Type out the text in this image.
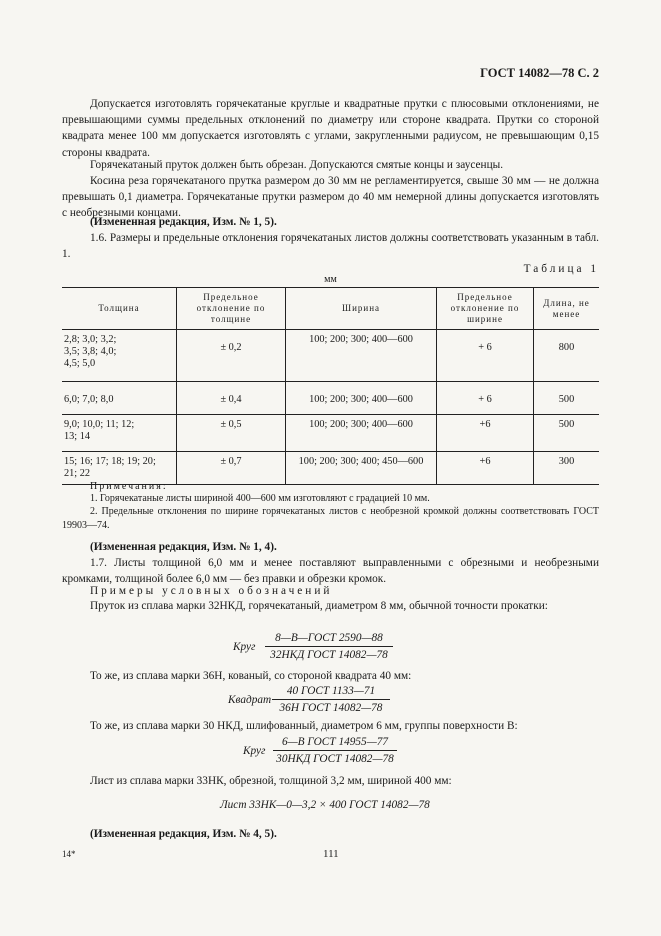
ГОСТ 14082—78 С. 2
Допускается изготовлять горячекатаные круглые и квадратные прутки с плюсовыми отклонениями, не превышающими суммы предельных отклонений по диаметру или стороне квадрата. Прутки со стороной квадрата менее 100 мм допускается изготовлять с углами, закругленными радиусом, не превышающим 0,15 стороны квадрата.
Горячекатаный пруток должен быть обрезан. Допускаются смятые концы и заусенцы.
Косина реза горячекатаного прутка размером до 30 мм не регламентируется, свыше 30 мм — не должна превышать 0,1 диаметра. Горячекатаные прутки размером до 40 мм немерной длины допускается изготовлять с необрезными концами.
(Измененная редакция, Изм. № 1, 5).
1.6. Размеры и предельные отклонения горячекатаных листов должны соответствовать указанным в табл. 1.
Таблица 1
мм
Толщина	Предельное отклонение по толщине	Ширина	Предельное отклонение по ширине	Длина, не менее
2,8; 3,0; 3,2; 3,5; 3,8; 4,0; 4,5; 5,0	± 0,2	100; 200; 300; 400—600	+ 6	800
6,0; 7,0; 8,0	± 0,4	100; 200; 300; 400—600	+ 6	500
9,0; 10,0; 11; 12; 13; 14	± 0,5	100; 200; 300; 400—600	+6	500
15; 16; 17; 18; 19; 20; 21; 22	± 0,7	100; 200; 300; 400; 450—600	+6	300
Примечания:
1. Горячекатаные листы шириной 400—600 мм изготовляют с градацией 10 мм.
2. Предельные отклонения по ширине горячекатаных листов с необрезной кромкой должны соответствовать ГОСТ 19903—74.
(Измененная редакция, Изм. № 1, 4).
1.7. Листы толщиной 6,0 мм и менее поставляют выправленными с обрезными и необрезными кромками, толщиной более 6,0 мм — без правки и обрезки кромок.
Примеры условных обозначений
Пруток из сплава марки 32НКД, горячекатаный, диаметром 8 мм, обычной точности прокатки:
Круг
8—В—ГОСТ 2590—88
32НКД ГОСТ 14082—78
То же, из сплава марки 36Н, кованый, со стороной квадрата 40 мм:
Квадрат
40 ГОСТ 1133—71
36Н ГОСТ 14082—78
То же, из сплава марки 30 НКД, шлифованный, диаметром 6 мм, группы поверхности В:
Круг
6—В ГОСТ 14955—77
30НКД ГОСТ 14082—78
Лист из сплава марки 33НК, обрезной, толщиной 3,2 мм, шириной 400 мм:
Лист 33НК—0—3,2 × 400 ГОСТ 14082—78
(Измененная редакция, Изм. № 4, 5).
14*	111
